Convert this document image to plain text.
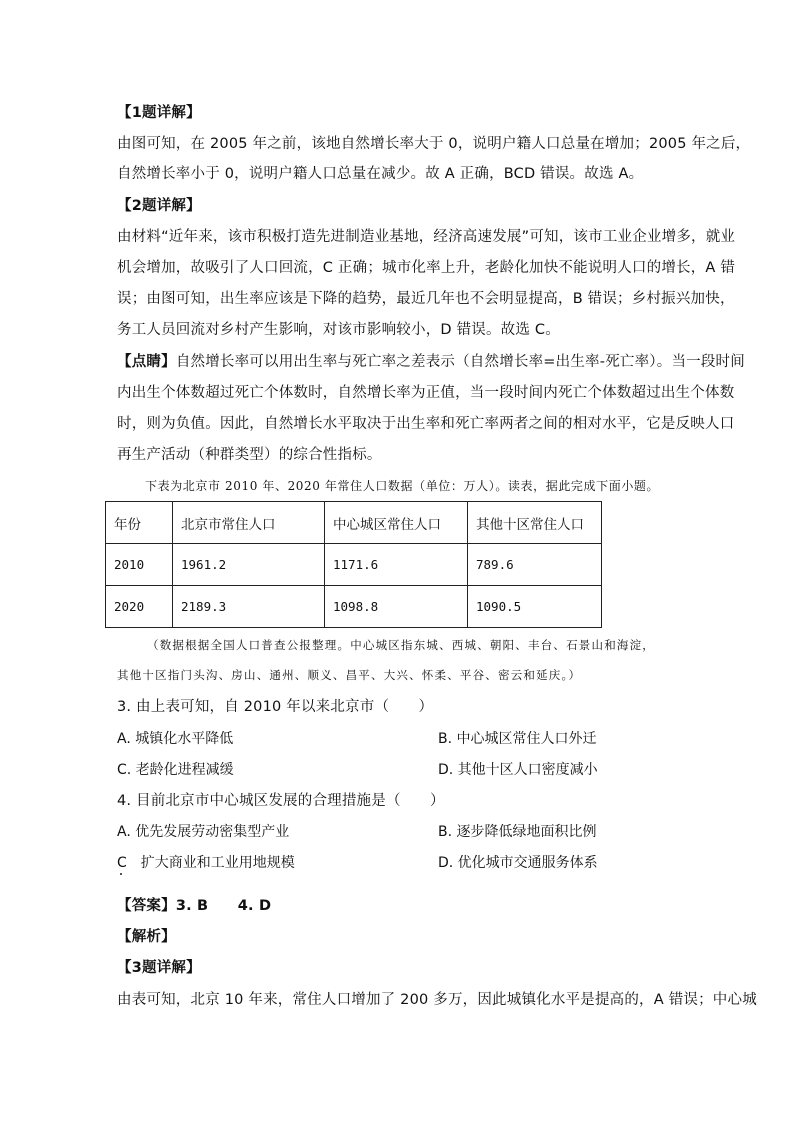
【1题详解】
由图可知，在 2005 年之前，该地自然增长率大于 0，说明户籍人口总量在增加；2005 年之后，
自然增长率小于 0，说明户籍人口总量在减少。故 A 正确，BCD 错误。故选 A。
【2题详解】
由材料“近年来，该市积极打造先进制造业基地，经济高速发展”可知，该市工业企业增多，就业
机会增加，故吸引了人口回流，C 正确；城市化率上升，老龄化加快不能说明人口的增长，A 错
误；由图可知，出生率应该是下降的趋势，最近几年也不会明显提高，B 错误；乡村振兴加快，
务工人员回流对乡村产生影响，对该市影响较小，D 错误。故选 C。
【点睛】自然增长率可以用出生率与死亡率之差表示（自然增长率=出生率-死亡率）。当一段时间
内出生个体数超过死亡个体数时，自然增长率为正值，当一段时间内死亡个体数超过出生个体数
时，则为负值。因此，自然增长水平取决于出生率和死亡率两者之间的相对水平，它是反映人口
再生产活动（种群类型）的综合性指标。
下表为北京市 2010 年、2020 年常住人口数据（单位：万人）。读表，据此完成下面小题。
年份	北京市常住人口	中心城区常住人口	其他十区常住人口
2010	1961.2	1171.6	789.6
2020	2189.3	1098.8	1090.5
（数据根据全国人口普查公报整理。中心城区指东城、西城、朝阳、丰台、石景山和海淀，
其他十区指门头沟、房山、通州、顺义、昌平、大兴、怀柔、平谷、密云和延庆。）
3. 由上表可知，自 2010 年以来北京市（　　）
A. 城镇化水平降低	B. 中心城区常住人口外迁
C. 老龄化进程减缓	D. 其他十区人口密度减小
4. 目前北京市中心城区发展的合理措施是（　　）
A. 优先发展劳动密集型产业	B. 逐步降低绿地面积比例
C　扩大商业和工业用地规模	D. 优化城市交通服务体系
【答案】3. B　　4. D
【解析】
【3题详解】
由表可知，北京 10 年来，常住人口增加了 200 多万，因此城镇化水平是提高的，A 错误；中心城
